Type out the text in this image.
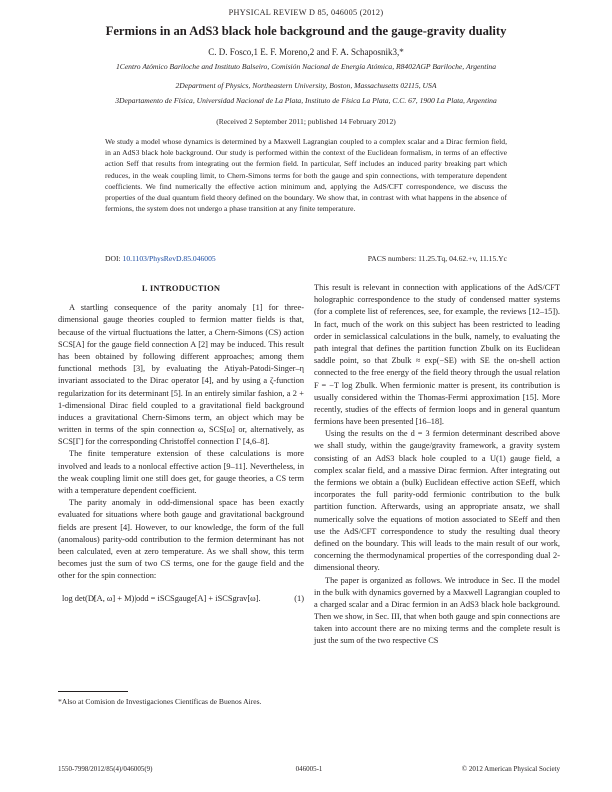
PHYSICAL REVIEW D 85, 046005 (2012)
Fermions in an AdS3 black hole background and the gauge-gravity duality
C. D. Fosco,1 E. F. Moreno,2 and F. A. Schaposnik3,*
1Centro Atómico Bariloche and Instituto Balseiro, Comisión Nacional de Energía Atómica, R8402AGP Bariloche, Argentina
2Department of Physics, Northeastern University, Boston, Massachusetts 02115, USA
3Departamento de Física, Universidad Nacional de La Plata, Instituto de Física La Plata, C.C. 67, 1900 La Plata, Argentina
(Received 2 September 2011; published 14 February 2012)
We study a model whose dynamics is determined by a Maxwell Lagrangian coupled to a complex scalar and a Dirac fermion field, in an AdS3 black hole background. Our study is performed within the context of the Euclidean formalism, in terms of an effective action Seff that results from integrating out the fermion field. In particular, Seff includes an induced parity breaking part which reduces, in the weak coupling limit, to Chern-Simons terms for both the gauge and spin connections, with temperature dependent coefficients. We find numerically the effective action minimum and, applying the AdS/CFT correspondence, we discuss the properties of the dual quantum field theory defined on the boundary. We show that, in contrast with what happens in the absence of fermions, the system does not undergo a phase transition at any finite temperature.
DOI: 10.1103/PhysRevD.85.046005	PACS numbers: 11.25.Tq, 04.62.+v, 11.15.Yc
I. INTRODUCTION

A startling consequence of the parity anomaly [1] for three-dimensional gauge theories coupled to fermion matter fields is that, because of the virtual fluctuations the latter, a Chern-Simons (CS) action SCS[A] for the gauge field connection A [2] may be induced. This result has been obtained by following different approaches; among them functional methods [3], by evaluating the Atiyah-Patodi-Singer–η invariant associated to the Dirac operator [4], and by using a ζ-function regularization for its determinant [5]. In an entirely similar fashion, a 2 + 1-dimensional Dirac field coupled to a gravitational field background induces a gravitational Chern-Simons term, an object which may be written in terms of the spin connection ω, SCS[ω] or, alternatively, as SCS[Γ] for the corresponding Christoffel connection Γ [4,6–8].

The finite temperature extension of these calculations is more involved and leads to a nonlocal effective action [9–11]. Nevertheless, in the weak coupling limit one still does get, for gauge theories, a CS term with a temperature dependent coefficient.

The parity anomaly in odd-dimensional space has been exactly evaluated for situations where both gauge and gravitational background fields are present [4]. However, to our knowledge, the form of the full (anomalous) parity-odd contribution to the fermion determinant has not been calculated, even at zero temperature. As we shall show, this term becomes just the sum of two CS terms, one for the gauge field and the other for the spin connection:

log det(D̸[A, ω] + M)|odd = iSCSgauge[A] + iSCSgrav[ω].	(1)

This result is relevant in connection with applications of the AdS/CFT holographic correspondence to the study of condensed matter systems (for a complete list of references, see, for example, the reviews [12–15]). In fact, much of the work on this subject has been restricted to leading order in semiclassical calculations in the bulk, namely, to evaluating the path integral that defines the partition function Zbulk on its Euclidean saddle point, so that Zbulk ≈ exp(−SE) with SE the on-shell action connected to the free energy of the field theory through the usual relation F = −T log Zbulk. When fermionic matter is present, its contribution is usually considered within the Thomas-Fermi approximation [15]. More recently, studies of the effects of fermion loops and in general quantum fermions have been presented [16–18].

Using the results on the d = 3 fermion determinant described above we shall study, within the gauge/gravity framework, a gravity system consisting of an AdS3 black hole coupled to a U(1) gauge field, a complex scalar field, and a massive Dirac fermion. After integrating out the fermions we obtain a (bulk) Euclidean effective action SEeff, which incorporates the full parity-odd fermionic contribution to the bulk partition function. Afterwards, using an appropriate ansatz, we shall numerically solve the equations of motion associated to SEeff and then use the AdS/CFT correspondence to study the resulting dual theory defined on the boundary. This will leads to the main result of our work, concerning the thermodynamical properties of the corresponding dual 2-dimensional theory.

The paper is organized as follows. We introduce in Sec. II the model in the bulk with dynamics governed by a Maxwell Lagrangian coupled to a charged scalar and a Dirac fermion in an AdS3 black hole background. Then we show, in Sec. III, that when both gauge and spin connections are taken into account there are no mixing terms and the complete result is just the sum of the two respective CS

*Also at Comision de Investigaciones Científicas de Buenos Aires.
1550-7998/2012/85(4)/046005(9)	046005-1	© 2012 American Physical Society
